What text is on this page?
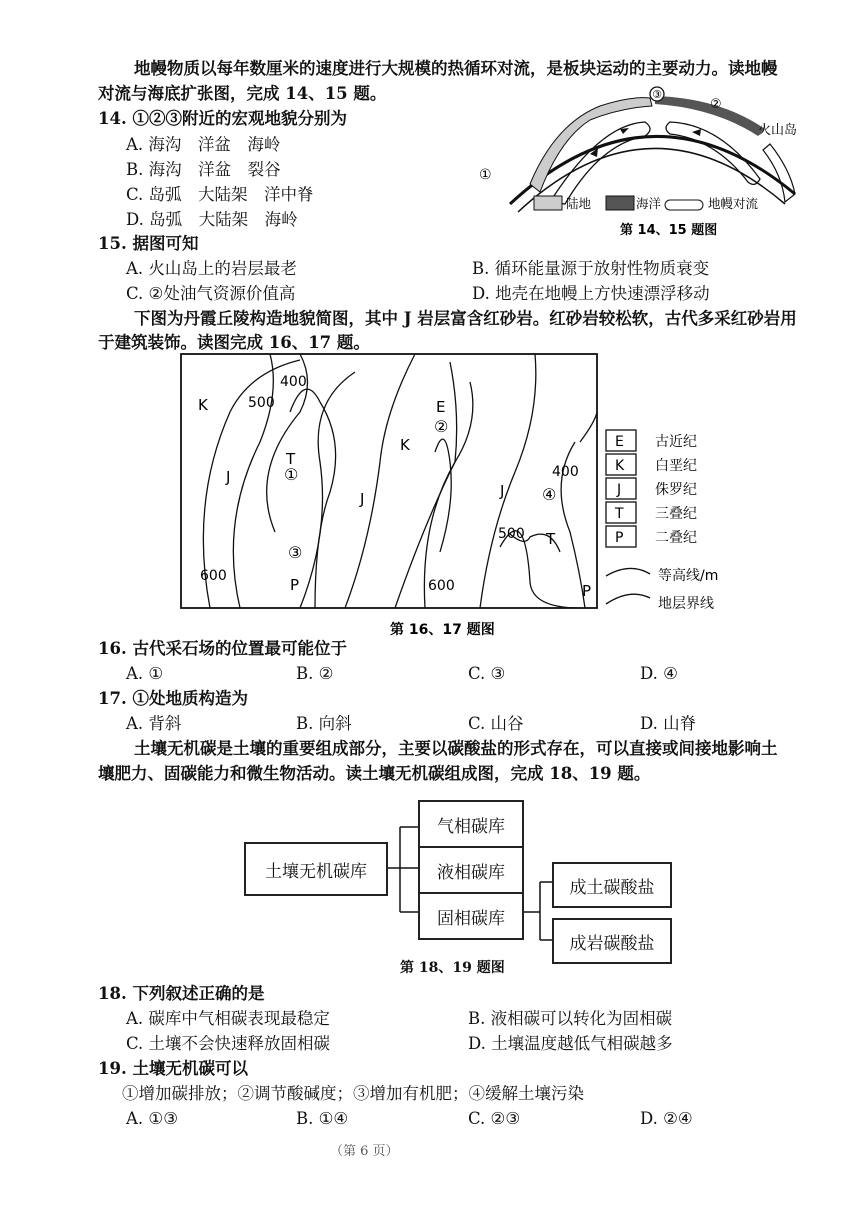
地幔物质以每年数厘米的速度进行大规模的热循环对流，是板块运动的主要动力。读地幔
对流与海底扩张图，完成 14、15 题。
14. ①②③附近的宏观地貌分别为
A. 海沟　洋盆　海岭
B. 海沟　洋盆　裂谷
C. 岛弧　大陆架　洋中脊
D. 岛弧　大陆架　海岭
③
②
①
火山岛
陆地	海洋	地幔对流
第 14、15 题图
15. 据图可知
A. 火山岛上的岩层最老	B. 循环能量源于放射性物质衰变
C. ②处油气资源价值高	D. 地壳在地幔上方快速漂浮移动
下图为丹霞丘陵构造地貌简图，其中 J 岩层富含红砂岩。红砂岩较松软，古代多采红砂岩用
于建筑装饰。读图完成 16、17 题。
400
500
400
500
600
600
K
J
T
P
E
K
J	J
T
P
①
②
③
④
E 古近纪
K 白垩纪
J 侏罗纪
T 三叠纪
P 二叠纪
等高线/m
地层界线
第 16、17 题图
16. 古代采石场的位置最可能位于
A. ①	B. ②	C. ③	D. ④
17. ①处地质构造为
A. 背斜	B. 向斜	C. 山谷	D. 山脊
土壤无机碳是土壤的重要组成部分，主要以碳酸盐的形式存在，可以直接或间接地影响土
壤肥力、固碳能力和微生物活动。读土壤无机碳组成图，完成 18、19 题。
土壤无机碳库
气相碳库
液相碳库
固相碳库
成土碳酸盐
成岩碳酸盐
第 18、19 题图
18. 下列叙述正确的是
A. 碳库中气相碳表现最稳定	B. 液相碳可以转化为固相碳
C. 土壤不会快速释放固相碳	D. 土壤温度越低气相碳越多
19. 土壤无机碳可以
①增加碳排放；②调节酸碱度；③增加有机肥；④缓解土壤污染
A. ①③	B. ①④	C. ②③	D. ②④
（第 6 页）
